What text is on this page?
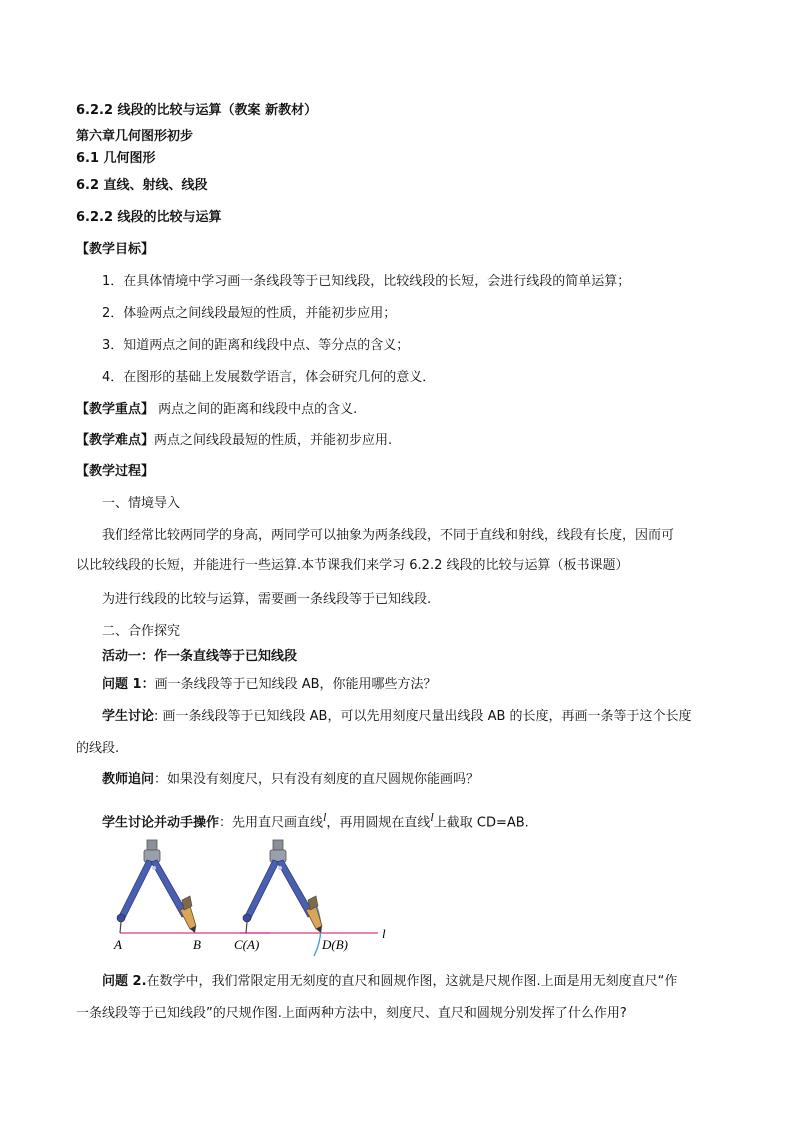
6.2.2 线段的比较与运算（教案 新教材）
第六章几何图形初步
6.1 几何图形
6.2 直线、射线、线段
6.2.2 线段的比较与运算
【教学目标】
1．在具体情境中学习画一条线段等于已知线段，比较线段的长短，会进行线段的简单运算；
2．体验两点之间线段最短的性质，并能初步应用；
3．知道两点之间的距离和线段中点、等分点的含义；
4．在图形的基础上发展数学语言，体会研究几何的意义．
【教学重点】 两点之间的距离和线段中点的含义.
【教学难点】两点之间线段最短的性质，并能初步应用.
【教学过程】
一、情境导入
我们经常比较两同学的身高，两同学可以抽象为两条线段，不同于直线和射线，线段有长度，因而可
以比较线段的长短，并能进行一些运算.本节课我们来学习 6.2.2 线段的比较与运算（板书课题）
为进行线段的比较与运算，需要画一条线段等于已知线段.
二、合作探究
活动一：作一条直线等于已知线段
问题 1：画一条线段等于已知线段 AB，你能用哪些方法？
学生讨论: 画一条线段等于已知线段 AB，可以先用刻度尺量出线段 AB 的长度，再画一条等于这个长度
的线段.
教师追问：如果没有刻度尺，只有没有刻度的直尺圆规你能画吗？
学生讨论并动手操作：先用直尺画直线$^l$，再用圆规在直线$^l$上截取 CD=AB.
A	B	C(A)	D(B)
l
问题 2.在数学中，我们常限定用无刻度的直尺和圆规作图，这就是尺规作图.上面是用无刻度直尺“作
一条线段等于已知线段”的尺规作图.上面两种方法中，刻度尺、直尺和圆规分别发挥了什么作用?
